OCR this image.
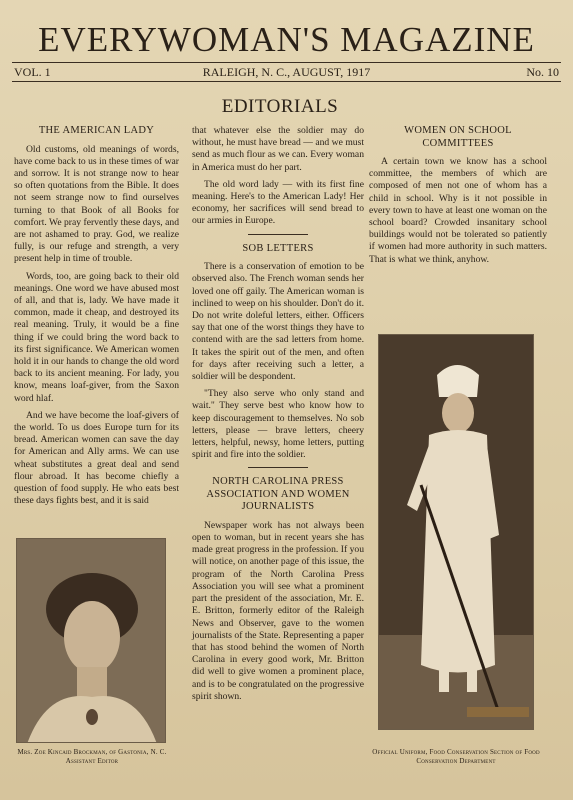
EVERYWOMAN'S MAGAZINE
VOL. 1	RALEIGH, N. C., AUGUST, 1917	No. 10
EDITORIALS
THE AMERICAN LADY

Old customs, old meanings of words, have come back to us in these times of war and sorrow. It is not strange now to hear so often quotations from the Bible. It does not seem strange now to find ourselves turning to that Book of all Books for comfort. We pray fervently these days, and are not ashamed to pray. God, we realize fully, is our refuge and strength, a very present help in time of trouble.

Words, too, are going back to their old meanings. One word we have abused most of all, and that is, lady. We have made it common, made it cheap, and destroyed its real meaning. Truly, it would be a fine thing if we could bring the word back to its first significance. We American women hold it in our hands to change the old word back to its ancient meaning. For lady, you know, means loaf-giver, from the Saxon word hlaf.

And we have become the loaf-givers of the world. To us does Europe turn for its bread. American women can save the day for American and Ally arms. We can use wheat substitutes a great deal and send flour abroad. It has become chiefly a question of food supply. He who eats best these days fights best, and it is said

Mrs. Zoe Kincaid Brockman, of Gastonia, N. C. Assistant Editor

that whatever else the soldier may do without, he must have bread — and we must send as much flour as we can. Every woman in America must do her part.

The old word lady — with its first fine meaning. Here's to the American Lady! Her economy, her sacrifices will send bread to our armies in Europe.

SOB LETTERS

There is a conservation of emotion to be observed also. The French woman sends her loved one off gaily. The American woman is inclined to weep on his shoulder. Don't do it. Do not write doleful letters, either. Officers say that one of the worst things they have to contend with are the sad letters from home. It takes the spirit out of the men, and often for days after receiving such a letter, a soldier will be despondent.

"They also serve who only stand and wait." They serve best who know how to keep discouragement to themselves. No sob letters, please — brave letters, cheery letters, helpful, newsy, home letters, putting spirit and fire into the soldier.

NORTH CAROLINA PRESS ASSOCIATION AND WOMEN JOURNALISTS

Newspaper work has not always been open to woman, but in recent years she has made great progress in the profession. If you will notice, on another page of this issue, the program of the North Carolina Press Association you will see what a prominent part the president of the association, Mr. E. E. Britton, formerly editor of the Raleigh News and Observer, gave to the women journalists of the State. Representing a paper that has stood behind the women of North Carolina in every good work, Mr. Britton did well to give women a prominent place, and is to be congratulated on the progressive spirit shown.

WOMEN ON SCHOOL COMMITTEES

A certain town we know has a school committee, the members of which are composed of men not one of whom has a child in school. Why is it not possible in every town to have at least one woman on the school board? Crowded insanitary school buildings would not be tolerated so patiently if women had more authority in such matters. That is what we think, anyhow.

Official Uniform, Food Conservation Section of Food Conservation Department
